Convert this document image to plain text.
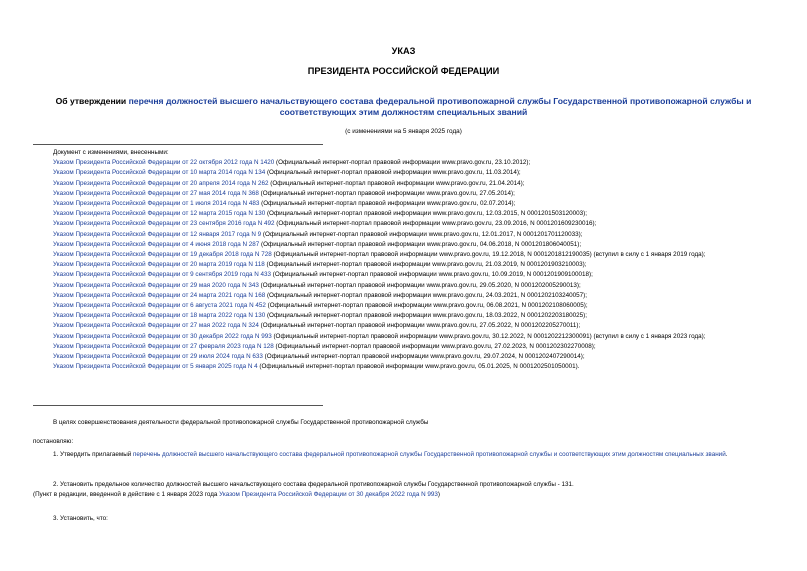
УКАЗ
ПРЕЗИДЕНТА РОССИЙСКОЙ ФЕДЕРАЦИИ
Об утверждении перечня должностей высшего начальствующего состава федеральной противопожарной службы Государственной противопожарной службы и соответствующих этим должностям специальных званий
(с изменениями на 5 января 2025 года)
Документ с изменениями, внесенными:
Указом Президента Российской Федерации от 22 октября 2012 года N 1420 (Официальный интернет-портал правовой информации www.pravo.gov.ru, 23.10.2012);
Указом Президента Российской Федерации от 10 марта 2014 года N 134 (Официальный интернет-портал правовой информации www.pravo.gov.ru, 11.03.2014);
Указом Президента Российской Федерации от 20 апреля 2014 года N 262 (Официальный интернет-портал правовой информации www.pravo.gov.ru, 21.04.2014);
Указом Президента Российской Федерации от 27 мая 2014 года N 368 (Официальный интернет-портал правовой информации www.pravo.gov.ru, 27.05.2014);
Указом Президента Российской Федерации от 1 июля 2014 года N 483 (Официальный интернет-портал правовой информации www.pravo.gov.ru, 02.07.2014);
Указом Президента Российской Федерации от 12 марта 2015 года N 130 (Официальный интернет-портал правовой информации www.pravo.gov.ru, 12.03.2015, N 0001201503120003);
Указом Президента Российской Федерации от 23 сентября 2016 года N 492 (Официальный интернет-портал правовой информации www.pravo.gov.ru, 23.09.2016, N 0001201609230016);
Указом Президента Российской Федерации от 12 января 2017 года N 9 (Официальный интернет-портал правовой информации www.pravo.gov.ru, 12.01.2017, N 0001201701120033);
Указом Президента Российской Федерации от 4 июня 2018 года N 287 (Официальный интернет-портал правовой информации www.pravo.gov.ru, 04.06.2018, N 0001201806040051);
Указом Президента Российской Федерации от 19 декабря 2018 года N 728 (Официальный интернет-портал правовой информации www.pravo.gov.ru, 19.12.2018, N 0001201812190035) (вступил в силу с 1 января 2019 года);
Указом Президента Российской Федерации от 20 марта 2019 года N 118 (Официальный интернет-портал правовой информации www.pravo.gov.ru, 21.03.2019, N 0001201903210003);
Указом Президента Российской Федерации от 9 сентября 2019 года N 433 (Официальный интернет-портал правовой информации www.pravo.gov.ru, 10.09.2019, N 0001201909100018);
Указом Президента Российской Федерации от 29 мая 2020 года N 343 (Официальный интернет-портал правовой информации www.pravo.gov.ru, 29.05.2020, N 0001202005290013);
Указом Президента Российской Федерации от 24 марта 2021 года N 168 (Официальный интернет-портал правовой информации www.pravo.gov.ru, 24.03.2021, N 0001202103240057);
Указом Президента Российской Федерации от 6 августа 2021 года N 452 (Официальный интернет-портал правовой информации www.pravo.gov.ru, 06.08.2021, N 0001202108060005);
Указом Президента Российской Федерации от 18 марта 2022 года N 130 (Официальный интернет-портал правовой информации www.pravo.gov.ru, 18.03.2022, N 0001202203180025);
Указом Президента Российской Федерации от 27 мая 2022 года N 324 (Официальный интернет-портал правовой информации www.pravo.gov.ru, 27.05.2022, N 0001202205270011);
Указом Президента Российской Федерации от 30 декабря 2022 года N 993 (Официальный интернет-портал правовой информации www.pravo.gov.ru, 30.12.2022, N 0001202212300091) (вступил в силу с 1 января 2023 года);
Указом Президента Российской Федерации от 27 февраля 2023 года N 128 (Официальный интернет-портал правовой информации www.pravo.gov.ru, 27.02.2023, N 0001202302270008);
Указом Президента Российской Федерации от 29 июля 2024 года N 633 (Официальный интернет-портал правовой информации www.pravo.gov.ru, 29.07.2024, N 0001202407290014);
Указом Президента Российской Федерации от 5 января 2025 года N 4 (Официальный интернет-портал правовой информации www.pravo.gov.ru, 05.01.2025, N 0001202501050001).
В целях совершенствования деятельности федеральной противопожарной службы Государственной противопожарной службы
постановляю:
1. Утвердить прилагаемый перечень должностей высшего начальствующего состава федеральной противопожарной службы Государственной противопожарной службы и соответствующих этим должностям специальных званий.
2. Установить предельное количество должностей высшего начальствующего состава федеральной противопожарной службы Государственной противопожарной службы - 131.
(Пункт в редакции, введенной в действие с 1 января 2023 года Указом Президента Российской Федерации от 30 декабря 2022 года N 993)
3. Установить, что:
